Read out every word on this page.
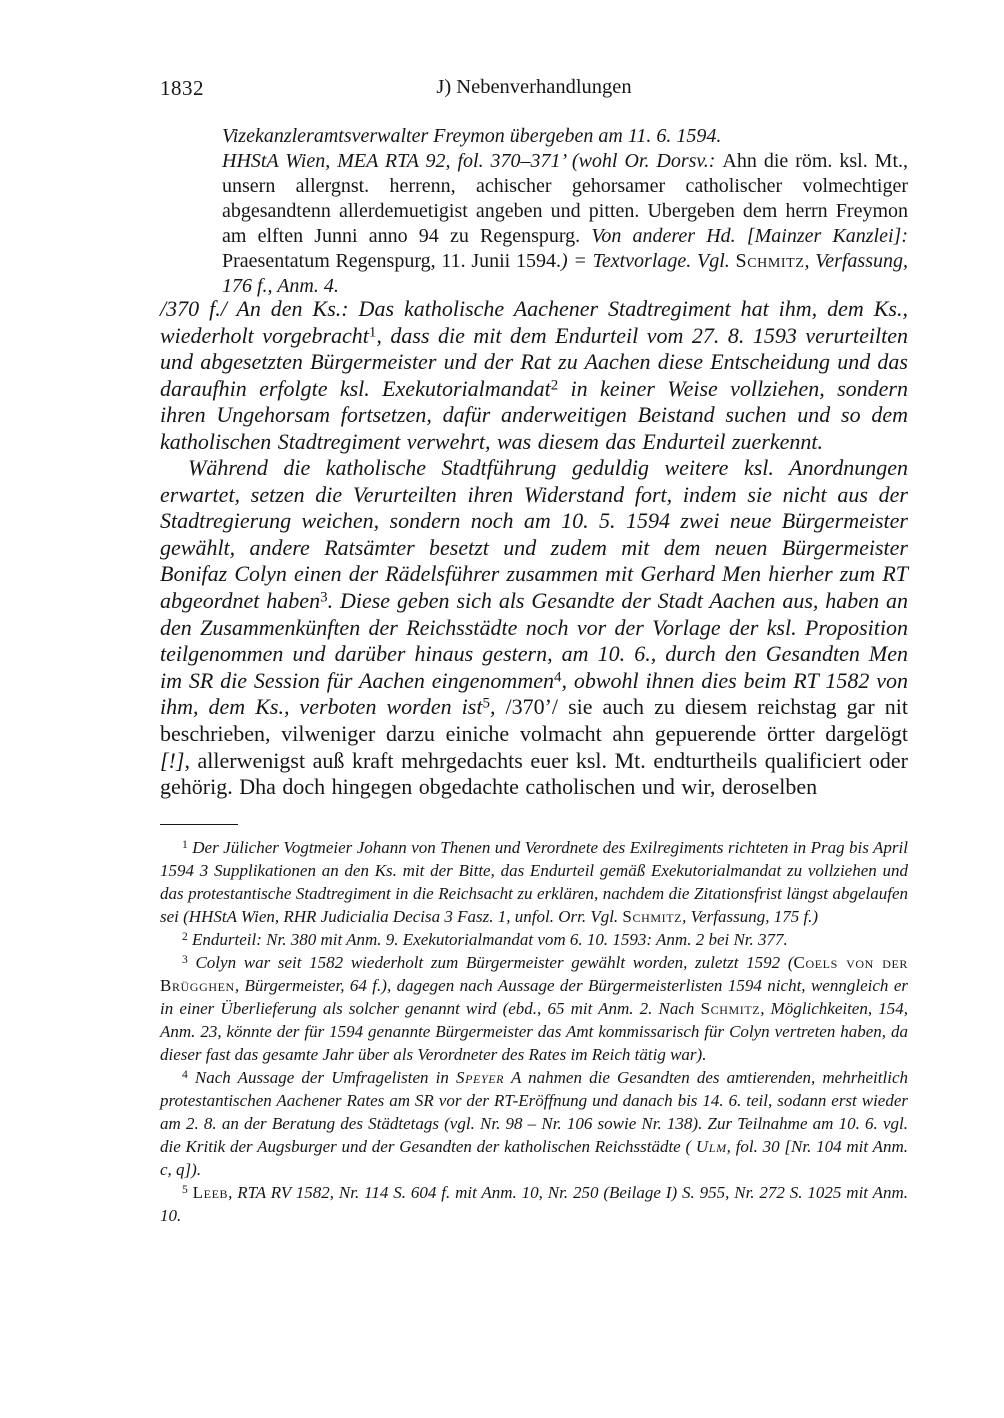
1832	J) Nebenverhandlungen
Vizekanzleramtsverwalter Freymon übergeben am 11. 6. 1594.
HHStA Wien, MEA RTA 92, fol. 370–371’ (wohl Or. Dorsv.: Ahn die röm. ksl. Mt., unsern allergnst. herrenn, achischer gehorsamer catholischer volmechtiger abgesandtenn allerdemuetigist angeben und pitten. Ubergeben dem herrn Freymon am elften Junni anno 94 zu Regenspurg. Von anderer Hd. [Mainzer Kanzlei]: Praesentatum Regenspurg, 11. Junii 1594.) = Textvorlage. Vgl. Schmitz, Verfassung, 176 f., Anm. 4.
/370 f./ An den Ks.: Das katholische Aachener Stadtregiment hat ihm, dem Ks., wiederholt vorgebracht$^1$, dass die mit dem Endurteil vom 27. 8. 1593 verurteilten und abgesetzten Bürgermeister und der Rat zu Aachen diese Entscheidung und das daraufhin erfolgte ksl. Exekutorialmandat$^2$ in keiner Weise vollziehen, sondern ihren Ungehorsam fortsetzen, dafür anderweitigen Beistand suchen und so dem katholischen Stadtregiment verwehrt, was diesem das Endurteil zuerkennt.
Während die katholische Stadtführung geduldig weitere ksl. Anordnungen erwartet, setzen die Verurteilten ihren Widerstand fort, indem sie nicht aus der Stadtregierung weichen, sondern noch am 10. 5. 1594 zwei neue Bürgermeister gewählt, andere Ratsämter besetzt und zudem mit dem neuen Bürgermeister Bonifaz Colyn einen der Rädelsführer zusammen mit Gerhard Men hierher zum RT abgeordnet haben$^3$. Diese geben sich als Gesandte der Stadt Aachen aus, haben an den Zusammenkünften der Reichsstädte noch vor der Vorlage der ksl. Proposition teilgenommen und darüber hinaus gestern, am 10. 6., durch den Gesandten Men im SR die Session für Aachen eingenommen$^4$, obwohl ihnen dies beim RT 1582 von ihm, dem Ks., verboten worden ist$^5$, /370’/ sie auch zu diesem reichstag gar nit beschrieben, vilweniger darzu einiche volmacht ahn gepuerende örtter dargelögt [!], allerwenigst auß kraft mehrgedachts euer ksl. Mt. endturtheils qualificiert oder gehörig. Dha doch hingegen obgedachte catholischen und wir, deroselben
$^1$ Der Jülicher Vogtmeier Johann von Thenen und Verordnete des Exilregiments richteten in Prag bis April 1594 3 Supplikationen an den Ks. mit der Bitte, das Endurteil gemäß Exekutorialmandat zu vollziehen und das protestantische Stadtregiment in die Reichsacht zu erklären, nachdem die Zitationsfrist längst abgelaufen sei (HHStA Wien, RHR Judicialia Decisa 3 Fasz. 1, unfol. Orr. Vgl. Schmitz, Verfassung, 175 f.)
$^2$ Endurteil: Nr. 380 mit Anm. 9. Exekutorialmandat vom 6. 10. 1593: Anm. 2 bei Nr. 377.
$^3$ Colyn war seit 1582 wiederholt zum Bürgermeister gewählt worden, zuletzt 1592 (Coels von der Brügghen, Bürgermeister, 64 f.), dagegen nach Aussage der Bürgermeisterlisten 1594 nicht, wenngleich er in einer Überlieferung als solcher genannt wird (ebd., 65 mit Anm. 2. Nach Schmitz, Möglichkeiten, 154, Anm. 23, könnte der für 1594 genannte Bürgermeister das Amt kommissarisch für Colyn vertreten haben, da dieser fast das gesamte Jahr über als Verordneter des Rates im Reich tätig war).
$^4$ Nach Aussage der Umfragelisten in Speyer A nahmen die Gesandten des amtierenden, mehrheitlich protestantischen Aachener Rates am SR vor der RT-Eröffnung und danach bis 14. 6. teil, sodann erst wieder am 2. 8. an der Beratung des Städtetags (vgl. Nr. 98 – Nr. 106 sowie Nr. 138). Zur Teilnahme am 10. 6. vgl. die Kritik der Augsburger und der Gesandten der katholischen Reichsstädte ( Ulm, fol. 30 [Nr. 104 mit Anm. c, q]).
$^5$ Leeb, RTA RV 1582, Nr. 114 S. 604 f. mit Anm. 10, Nr. 250 (Beilage I) S. 955, Nr. 272 S. 1025 mit Anm. 10.
